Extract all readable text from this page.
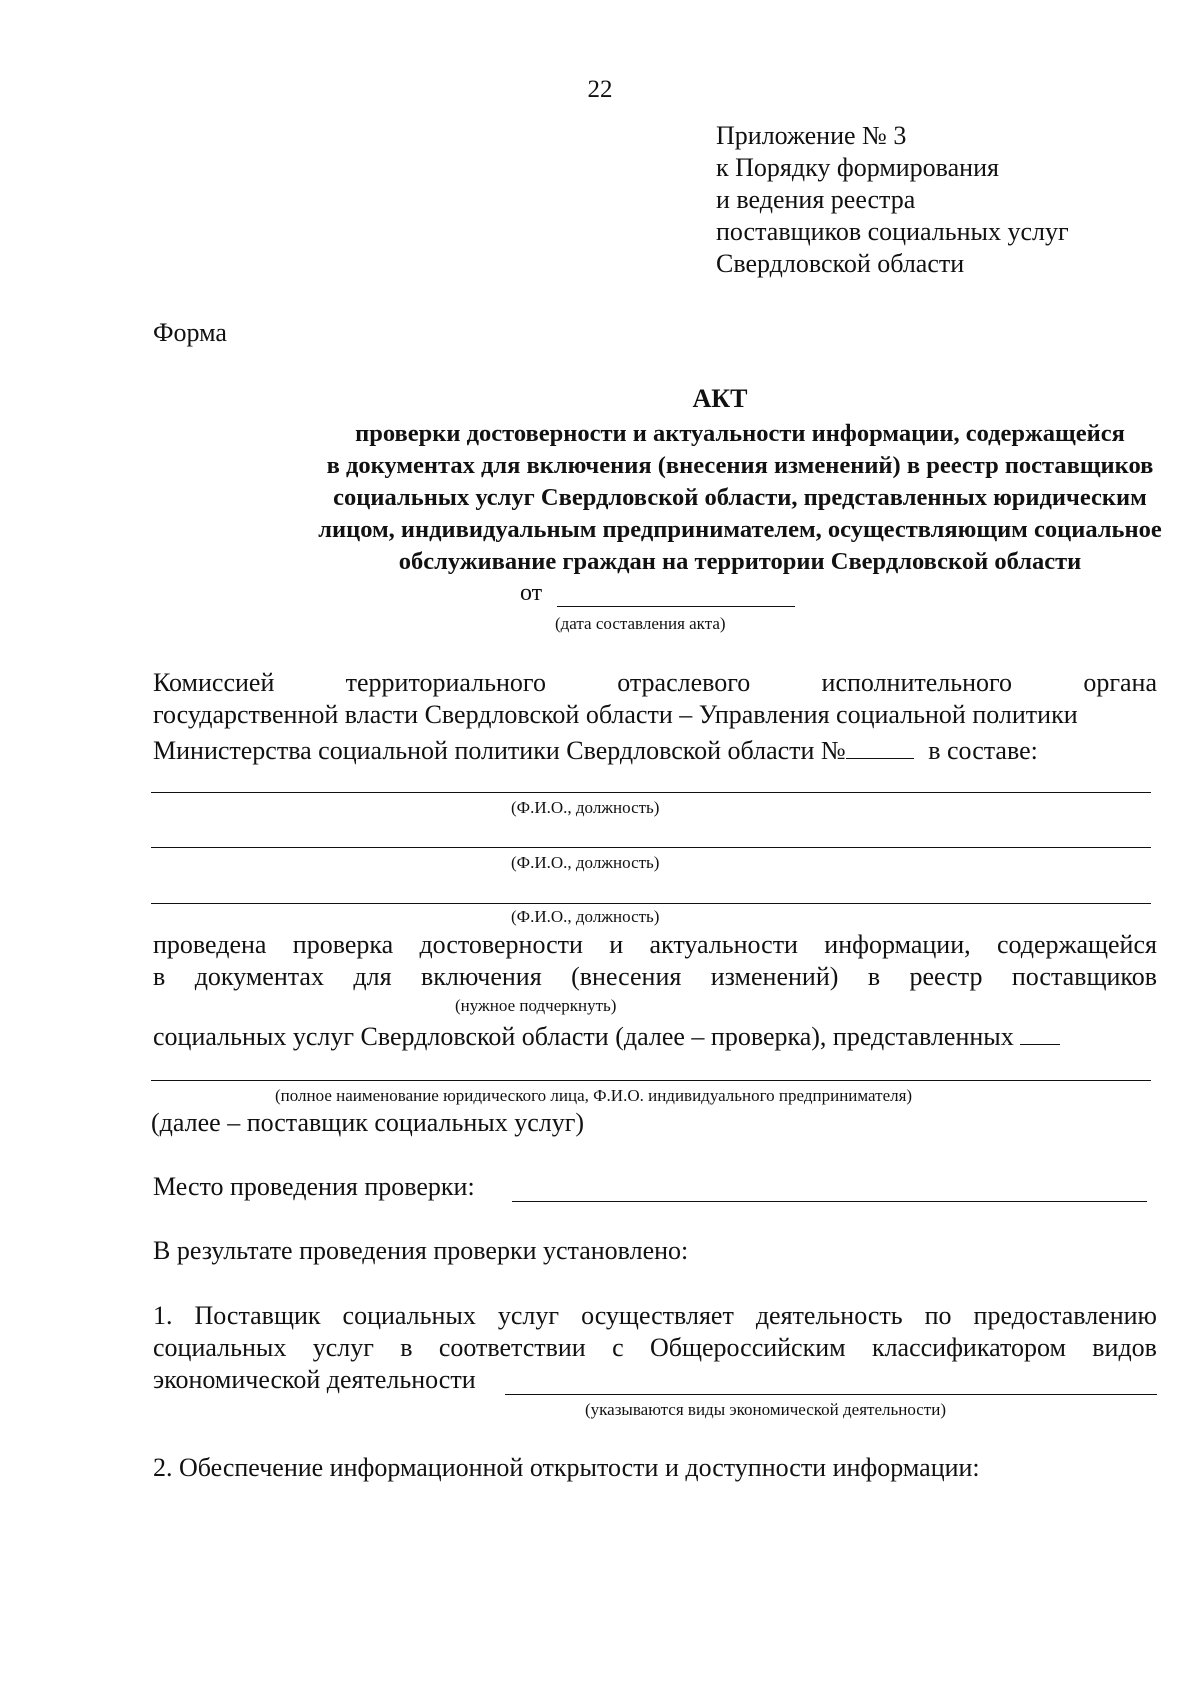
22
Приложение № 3
к Порядку формирования
и ведения реестра
поставщиков социальных услуг
Свердловской области
Форма
АКТ
проверки достоверности и актуальности информации, содержащейся
в документах для включения (внесения изменений) в реестр поставщиков
социальных услуг Свердловской области, представленных юридическим
лицом, индивидуальным предпринимателем, осуществляющим социальное
обслуживание граждан на территории Свердловской области
от
(дата составления акта)
Комиссией	территориального	отраслевого	исполнительного	органа
государственной власти Свердловской области – Управления социальной политики
Министерства социальной политики Свердловской области №	в составе:
(Ф.И.О., должность)
(Ф.И.О., должность)
(Ф.И.О., должность)
проведена проверка достоверности и актуальности информации, содержащейся
в документах для включения (внесения изменений) в реестр поставщиков
(нужное подчеркнуть)
социальных услуг Свердловской области (далее – проверка), представленных
(полное наименование юридического лица, Ф.И.О. индивидуального предпринимателя)
(далее – поставщик социальных услуг)
Место проведения проверки:
В результате проведения проверки установлено:
1. Поставщик социальных услуг осуществляет деятельность по предоставлению
социальных услуг в соответствии с Общероссийским классификатором видов
экономической деятельности
(указываются виды экономической деятельности)
2. Обеспечение информационной открытости и доступности информации:
